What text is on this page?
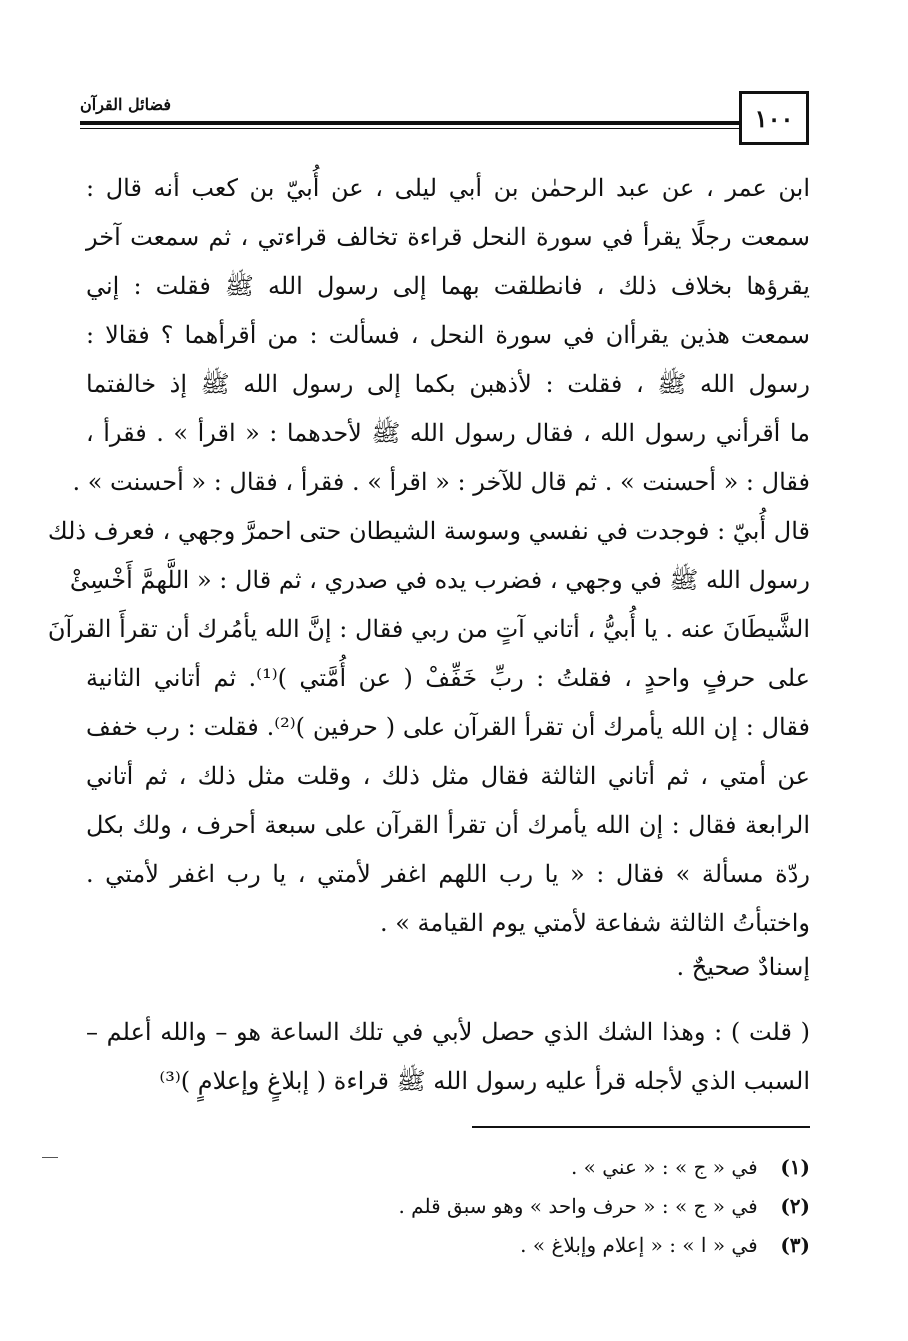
١٠٠
فضائل القرآن
ابن عمر ، عن عبد الرحمٰن بن أبي ليلى ، عن أُبيّ بن كعب أنه قال :
سمعت رجلًا يقرأ في سورة النحل قراءة تخالف قراءتي ، ثم سمعت آخر
يقرؤها بخلاف ذلك ، فانطلقت بهما إلى رسول الله ﷺ فقلت : إني
سمعت هذين يقرأان في سورة النحل ، فسألت : من أقرأهما ؟ فقالا :
رسول الله ﷺ ، فقلت : لأذهبن بكما إلى رسول الله ﷺ إذ خالفتما
ما أقرأني رسول الله ، فقال رسول الله ﷺ لأحدهما : « اقرأ » . فقرأ ،
فقال : « أحسنت » . ثم قال للآخر : « اقرأ » . فقرأ ، فقال : « أحسنت » .
قال أُبيّ : فوجدت في نفسي وسوسة الشيطان حتى احمرَّ وجهي ، فعرف ذلك
رسول الله ﷺ في وجهي ، فضرب يده في صدري ، ثم قال : « اللَّهمَّ أَخْسِئْ
الشَّيطَانَ عنه . يا أُبيُّ ، أتاني آتٍ من ربي فقال : إنَّ الله يأمُرك أن تقرأَ القرآنَ
على حرفٍ واحدٍ ، فقلتُ : ربِّ خَفِّفْ ( عن أُمَّتي )⁽¹⁾. ثم أتاني الثانية
فقال : إن الله يأمرك أن تقرأ القرآن على ( حرفين )⁽²⁾. فقلت : رب خفف
عن أمتي ، ثم أتاني الثالثة فقال مثل ذلك ، وقلت مثل ذلك ، ثم أتاني
الرابعة فقال : إن الله يأمرك أن تقرأ القرآن على سبعة أحرف ، ولك بكل
ردّة مسألة » فقال : « يا رب اللهم اغفر لأمتي ، يا رب اغفر لأمتي .
واختبأتُ الثالثة شفاعة لأمتي يوم القيامة » .
إسنادٌ صحيحٌ .
( قلت ) : وهذا الشك الذي حصل لأبي في تلك الساعة هو – والله أعلم –
السبب الذي لأجله قرأ عليه رسول الله ﷺ قراءة ( إبلاغٍ وإعلامٍ )⁽³⁾
(١) في « ج » : « عني » .
(٢) في « ج » : « حرف واحد » وهو سبق قلم .
(٣) في « ا » : « إعلام وإبلاغ » .
